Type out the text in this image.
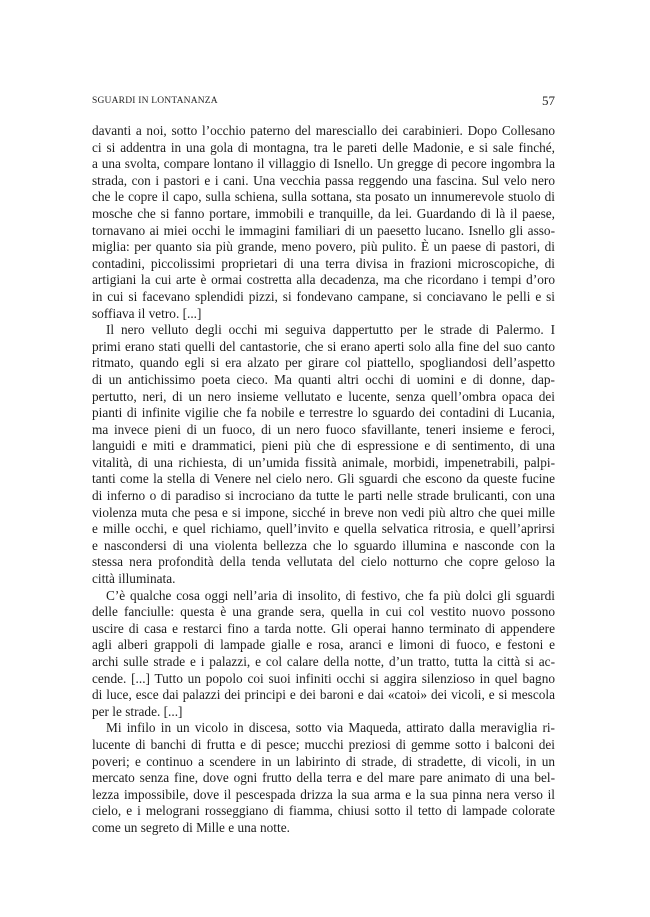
SGUARDI IN LONTANANZA	57

davanti a noi, sotto l’occhio paterno del maresciallo dei carabinieri. Dopo Collesano
ci si addentra in una gola di montagna, tra le pareti delle Madonie, e si sale finché,
a una svolta, compare lontano il villaggio di Isnello. Un gregge di pecore ingombra la
strada, con i pastori e i cani. Una vecchia passa reggendo una fascina. Sul velo nero
che le copre il capo, sulla schiena, sulla sottana, sta posato un innumerevole stuolo di
mosche che si fanno portare, immobili e tranquille, da lei. Guardando di là il paese,
tornavano ai miei occhi le immagini familiari di un paesetto lucano. Isnello gli asso-
miglia: per quanto sia più grande, meno povero, più pulito. È un paese di pastori, di
contadini, piccolissimi proprietari di una terra divisa in frazioni microscopiche, di
artigiani la cui arte è ormai costretta alla decadenza, ma che ricordano i tempi d’oro
in cui si facevano splendidi pizzi, si fondevano campane, si conciavano le pelli e si
soffiava il vetro. [...]

Il nero velluto degli occhi mi seguiva dappertutto per le strade di Palermo. I
primi erano stati quelli del cantastorie, che si erano aperti solo alla fine del suo canto
ritmato, quando egli si era alzato per girare col piattello, spogliandosi dell’aspetto
di un antichissimo poeta cieco. Ma quanti altri occhi di uomini e di donne, dap-
pertutto, neri, di un nero insieme vellutato e lucente, senza quell’ombra opaca dei
pianti di infinite vigilie che fa nobile e terrestre lo sguardo dei contadini di Lucania,
ma invece pieni di un fuoco, di un nero fuoco sfavillante, teneri insieme e feroci,
languidi e miti e drammatici, pieni più che di espressione e di sentimento, di una
vitalità, di una richiesta, di un’umida fissità animale, morbidi, impenetrabili, palpi-
tanti come la stella di Venere nel cielo nero. Gli sguardi che escono da queste fucine
di inferno o di paradiso si incrociano da tutte le parti nelle strade brulicanti, con una
violenza muta che pesa e si impone, sicché in breve non vedi più altro che quei mille
e mille occhi, e quel richiamo, quell’invito e quella selvatica ritrosia, e quell’aprirsi
e nascondersi di una violenta bellezza che lo sguardo illumina e nasconde con la
stessa nera profondità della tenda vellutata del cielo notturno che copre geloso la
città illuminata.

C’è qualche cosa oggi nell’aria di insolito, di festivo, che fa più dolci gli sguardi
delle fanciulle: questa è una grande sera, quella in cui col vestito nuovo possono
uscire di casa e restarci fino a tarda notte. Gli operai hanno terminato di appendere
agli alberi grappoli di lampade gialle e rosa, aranci e limoni di fuoco, e festoni e
archi sulle strade e i palazzi, e col calare della notte, d’un tratto, tutta la città si ac-
cende. [...] Tutto un popolo coi suoi infiniti occhi si aggira silenzioso in quel bagno
di luce, esce dai palazzi dei principi e dei baroni e dai «catoi» dei vicoli, e si mescola
per le strade. [...]

Mi infilo in un vicolo in discesa, sotto via Maqueda, attirato dalla meraviglia ri-
lucente di banchi di frutta e di pesce; mucchi preziosi di gemme sotto i balconi dei
poveri; e continuo a scendere in un labirinto di strade, di stradette, di vicoli, in un
mercato senza fine, dove ogni frutto della terra e del mare pare animato di una bel-
lezza impossibile, dove il pescespada drizza la sua arma e la sua pinna nera verso il
cielo, e i melograni rosseggiano di fiamma, chiusi sotto il tetto di lampade colorate
come un segreto di Mille e una notte.
